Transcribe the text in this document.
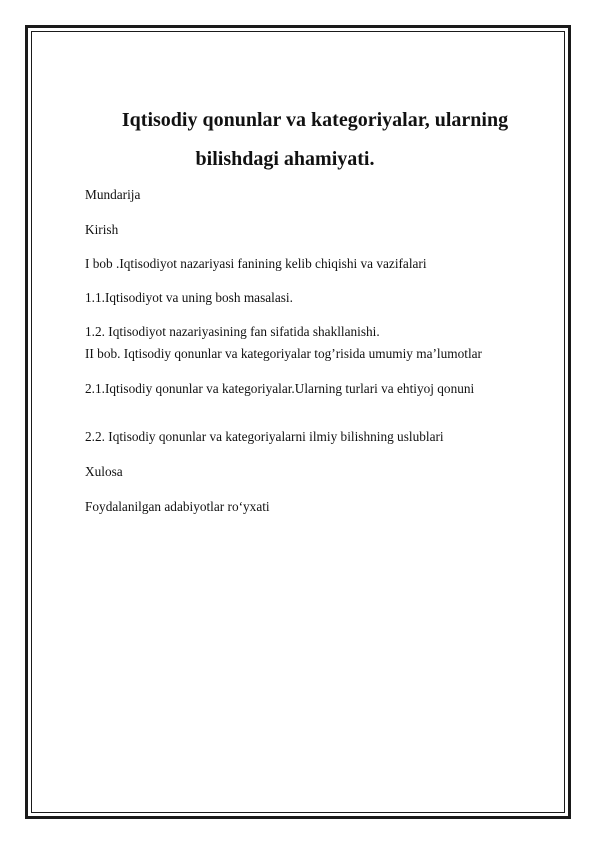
Iqtisodiy qonunlar va kategoriyalar, ularning
bilishdagi ahamiyati.
Mundarija
Kirish
I bob .Iqtisodiyot nazariyasi fanining kelib chiqishi va vazifalari
1.1.Iqtisodiyot va uning bosh masalasi.
1.2. Iqtisodiyot nazariyasining fan sifatida shakllanishi.
II bob. Iqtisodiy qonunlar va kategoriyalar tog’risida umumiy ma’lumotlar
2.1.Iqtisodiy qonunlar va kategoriyalar.Ularning turlari va ehtiyoj qonuni
2.2. Iqtisodiy qonunlar va kategoriyalarni ilmiy bilishning uslublari
Xulosa
Foydalanilgan adabiyotlar ro‘yxati
